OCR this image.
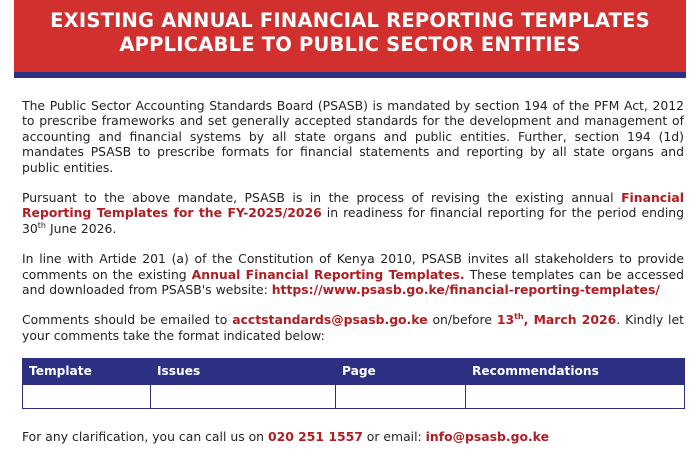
EXISTING ANNUAL FINANCIAL REPORTING TEMPLATES
APPLICABLE TO PUBLIC SECTOR ENTITIES

The Public Sector Accounting Standards Board (PSASB) is mandated by section 194 of the PFM Act, 2012 to prescribe frameworks and set generally accepted standards for the development and management of accounting and financial systems by all state organs and public entities. Further, section 194 (1d) mandates PSASB to prescribe formats for financial statements and reporting by all state organs and public entities.

Pursuant to the above mandate, PSASB is in the process of revising the existing annual Financial Reporting Templates for the FY-2025/2026 in readiness for financial reporting for the period ending 30th June 2026.

In line with Artide 201 (a) of the Constitution of Kenya 2010, PSASB invites all stakeholders to provide comments on the existing Annual Financial Reporting Templates. These templates can be accessed and downloaded from PSASB's website: https://www.psasb.go.ke/financial-reporting-templates/

Comments should be emailed to acctstandards@psasb.go.ke on/before 13th, March 2026. Kindly let your comments take the format indicated below:

Template	Issues	Page	Recommendations

For any clarification, you can call us on 020 251 1557 or email: info@psasb.go.ke
